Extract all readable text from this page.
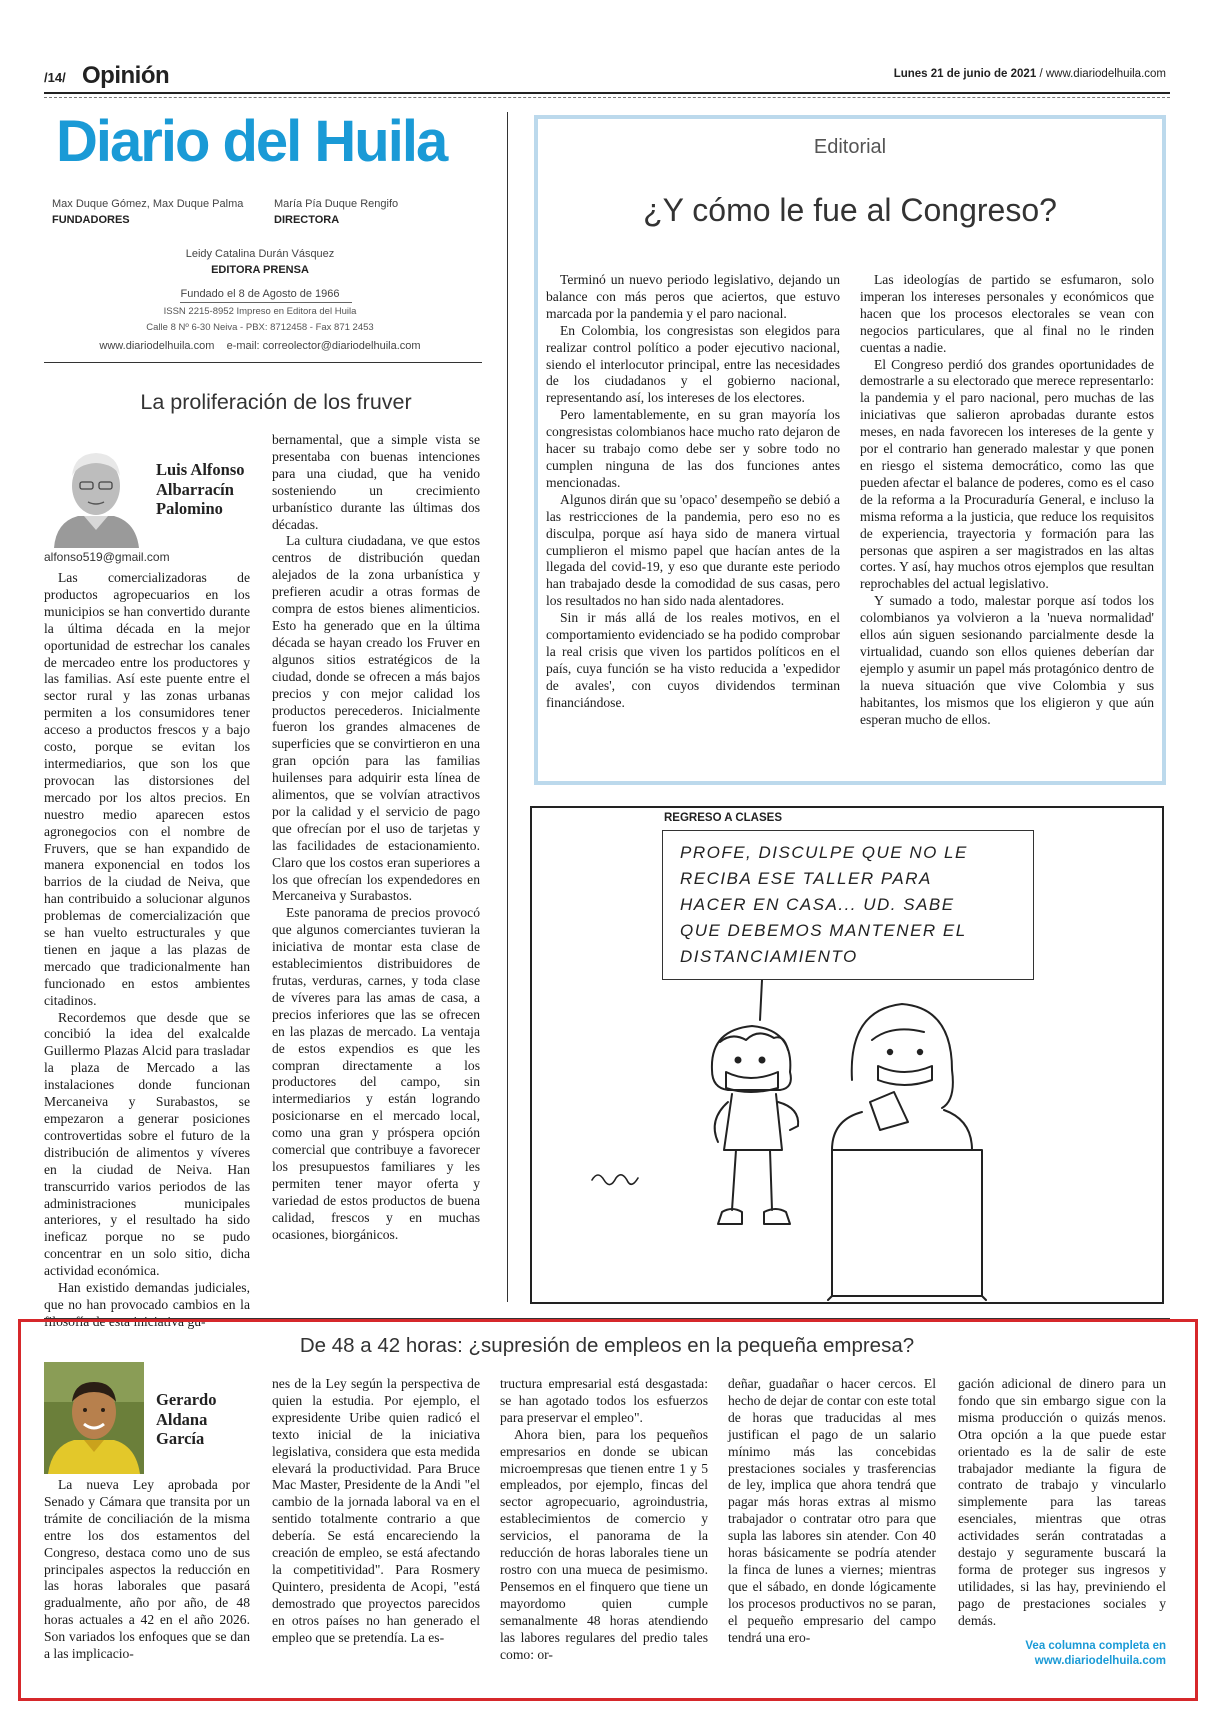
/14/ Opinión	Lunes 21 de junio de 2021 / www.diariodelhuila.com
Diario del Huila
Max Duque Gómez, Max Duque Palma
FUNDADORES
María Pía Duque Rengifo
DIRECTORA
Leidy Catalina Durán Vásquez
EDITORA PRENSA
Fundado el 8 de Agosto de 1966
ISSN 2215-8952 Impreso en Editora del Huila
Calle 8 Nº 6-30 Neiva - PBX: 8712458 - Fax 871 2453
www.diariodelhuila.com    e-mail: correolector@diariodelhuila.com
Editorial
¿Y cómo le fue al Congreso?

Terminó un nuevo periodo legislativo, dejando un balance con más peros que aciertos, que estuvo marcada por la pandemia y el paro nacional.

En Colombia, los congresistas son elegidos para realizar control político a poder ejecutivo nacional, siendo el interlocutor principal, entre las necesidades de los ciudadanos y el gobierno nacional, representando así, los intereses de los electores.

Pero lamentablemente, en su gran mayoría los congresistas colombianos hace mucho rato dejaron de hacer su trabajo como debe ser y sobre todo no cumplen ninguna de las dos funciones antes mencionadas.

Algunos dirán que su 'opaco' desempeño se debió a las restricciones de la pandemia, pero eso no es disculpa, porque así haya sido de manera virtual cumplieron el mismo papel que hacían antes de la llegada del covid-19, y eso que durante este periodo han trabajado desde la comodidad de sus casas, pero los resultados no han sido nada alentadores.

Sin ir más allá de los reales motivos, en el comportamiento evidenciado se ha podido comprobar la real crisis que viven los partidos políticos en el país, cuya función se ha visto reducida a 'expedidor de avales', con cuyos dividendos terminan financiándose.

Las ideologías de partido se esfumaron, solo imperan los intereses personales y económicos que hacen que los procesos electorales se vean con negocios particulares, que al final no le rinden cuentas a nadie.

El Congreso perdió dos grandes oportunidades de demostrarle a su electorado que merece representarlo: la pandemia y el paro nacional, pero muchas de las iniciativas que salieron aprobadas durante estos meses, en nada favorecen los intereses de la gente y por el contrario han generado malestar y que ponen en riesgo el sistema democrático, como las que pueden afectar el balance de poderes, como es el caso de la reforma a la Procuraduría General, e incluso la misma reforma a la justicia, que reduce los requisitos de experiencia, trayectoria y formación para las personas que aspiren a ser magistrados en las altas cortes. Y así, hay muchos otros ejemplos que resultan reprochables del actual legislativo.

Y sumado a todo, malestar porque así todos los colombianos ya volvieron a la 'nueva normalidad' ellos aún siguen sesionando parcialmente desde la virtualidad, cuando son ellos quienes deberían dar ejemplo y asumir un papel más protagónico dentro de la nueva situación que vive Colombia y sus habitantes, los mismos que los eligieron y que aún esperan mucho de ellos.

La proliferación de los fruver
Luis Alfonso Albarracín Palomino
alfonso519@gmail.com

Las comercializadoras de productos agropecuarios en los municipios se han convertido durante la última década en la mejor oportunidad de estrechar los canales de mercadeo entre los productores y las familias. Así este puente entre el sector rural y las zonas urbanas permiten a los consumidores tener acceso a productos frescos y a bajo costo, porque se evitan los intermediarios, que son los que provocan las distorsiones del mercado por los altos precios. En nuestro medio aparecen estos agronegocios con el nombre de Fruvers, que se han expandido de manera exponencial en todos los barrios de la ciudad de Neiva, que han contribuido a solucionar algunos problemas de comercialización que se han vuelto estructurales y que tienen en jaque a las plazas de mercado que tradicionalmente han funcionado en estos ambientes citadinos.

Recordemos que desde que se concibió la idea del exalcalde Guillermo Plazas Alcid para trasladar la plaza de Mercado a las instalaciones donde funcionan Mercaneiva y Surabastos, se empezaron a generar posiciones controvertidas sobre el futuro de la distribución de alimentos y víveres en la ciudad de Neiva. Han transcurrido varios periodos de las administraciones municipales anteriores, y el resultado ha sido ineficaz porque no se pudo concentrar en un solo sitio, dicha actividad económica.

Han existido demandas judiciales, que no han provocado cambios en la filosofía de esta iniciativa gu-

bernamental, que a simple vista se presentaba con buenas intenciones para una ciudad, que ha venido sosteniendo un crecimiento urbanístico durante las últimas dos décadas.

La cultura ciudadana, ve que estos centros de distribución quedan alejados de la zona urbanística y prefieren acudir a otras formas de compra de estos bienes alimenticios. Esto ha generado que en la última década se hayan creado los Fruver en algunos sitios estratégicos de la ciudad, donde se ofrecen a más bajos precios y con mejor calidad los productos perecederos. Inicialmente fueron los grandes almacenes de superficies que se convirtieron en una gran opción para las familias huilenses para adquirir esta línea de alimentos, que se volvían atractivos por la calidad y el servicio de pago que ofrecían por el uso de tarjetas y las facilidades de estacionamiento. Claro que los costos eran superiores a los que ofrecían los expendedores en Mercaneiva y Surabastos.

Este panorama de precios provocó que algunos comerciantes tuvieran la iniciativa de montar esta clase de establecimientos distribuidores de frutas, verduras, carnes, y toda clase de víveres para las amas de casa, a precios inferiores que las se ofrecen en las plazas de mercado. La ventaja de estos expendios es que les compran directamente a los productores del campo, sin intermediarios y están logrando posicionarse en el mercado local, como una gran y próspera opción comercial que contribuye a favorecer los presupuestos familiares y les permiten tener mayor oferta y variedad de estos productos de buena calidad, frescos y en muchas ocasiones, biorgánicos.

REGRESO A CLASES
PROFE, DISCULPE QUE NO LE
RECIBA ESE TALLER PARA
HACER EN CASA... UD. SABE
QUE DEBEMOS MANTENER EL
DISTANCIAMIENTO
De 48 a 42 horas: ¿supresión de empleos en la pequeña empresa?
Gerardo Aldana García

La nueva Ley aprobada por Senado y Cámara que transita por un trámite de conciliación de la misma entre los dos estamentos del Congreso, destaca como uno de sus principales aspectos la reducción en las horas laborales que pasará gradualmente, año por año, de 48 horas actuales a 42 en el año 2026. Son variados los enfoques que se dan a las implicacio-

nes de la Ley según la perspectiva de quien la estudia. Por ejemplo, el expresidente Uribe quien radicó el texto inicial de la iniciativa legislativa, considera que esta medida elevará la productividad. Para Bruce Mac Master, Presidente de la Andi "el cambio de la jornada laboral va en el sentido totalmente contrario a que debería. Se está encareciendo la creación de empleo, se está afectando la competitividad". Para Rosmery Quintero, presidenta de Acopi, "está demostrado que proyectos parecidos en otros países no han generado el empleo que se pretendía. La es-

tructura empresarial está desgastada: se han agotado todos los esfuerzos para preservar el empleo".

Ahora bien, para los pequeños empresarios en donde se ubican microempresas que tienen entre 1 y 5 empleados, por ejemplo, fincas del sector agropecuario, agroindustria, establecimientos de comercio y servicios, el panorama de la reducción de horas laborales tiene un rostro con una mueca de pesimismo. Pensemos en el finquero que tiene un mayordomo quien cumple semanalmente 48 horas atendiendo las labores regulares del predio tales como: or-

deñar, guadañar o hacer cercos. El hecho de dejar de contar con este total de horas que traducidas al mes justifican el pago de un salario mínimo más las concebidas prestaciones sociales y trasferencias de ley, implica que ahora tendrá que pagar más horas extras al mismo trabajador o contratar otro para que supla las labores sin atender. Con 40 horas básicamente se podría atender la finca de lunes a viernes; mientras que el sábado, en donde lógicamente los procesos productivos no se paran, el pequeño empresario del campo tendrá una ero-

gación adicional de dinero para un fondo que sin embargo sigue con la misma producción o quizás menos. Otra opción a la que puede estar orientado es la de salir de este trabajador mediante la figura de contrato de trabajo y vincularlo simplemente para las tareas esenciales, mientras que otras actividades serán contratadas a destajo y seguramente buscará la forma de proteger sus ingresos y utilidades, si las hay, previniendo el pago de prestaciones sociales y demás.

Vea columna completa en
www.diariodelhuila.com
